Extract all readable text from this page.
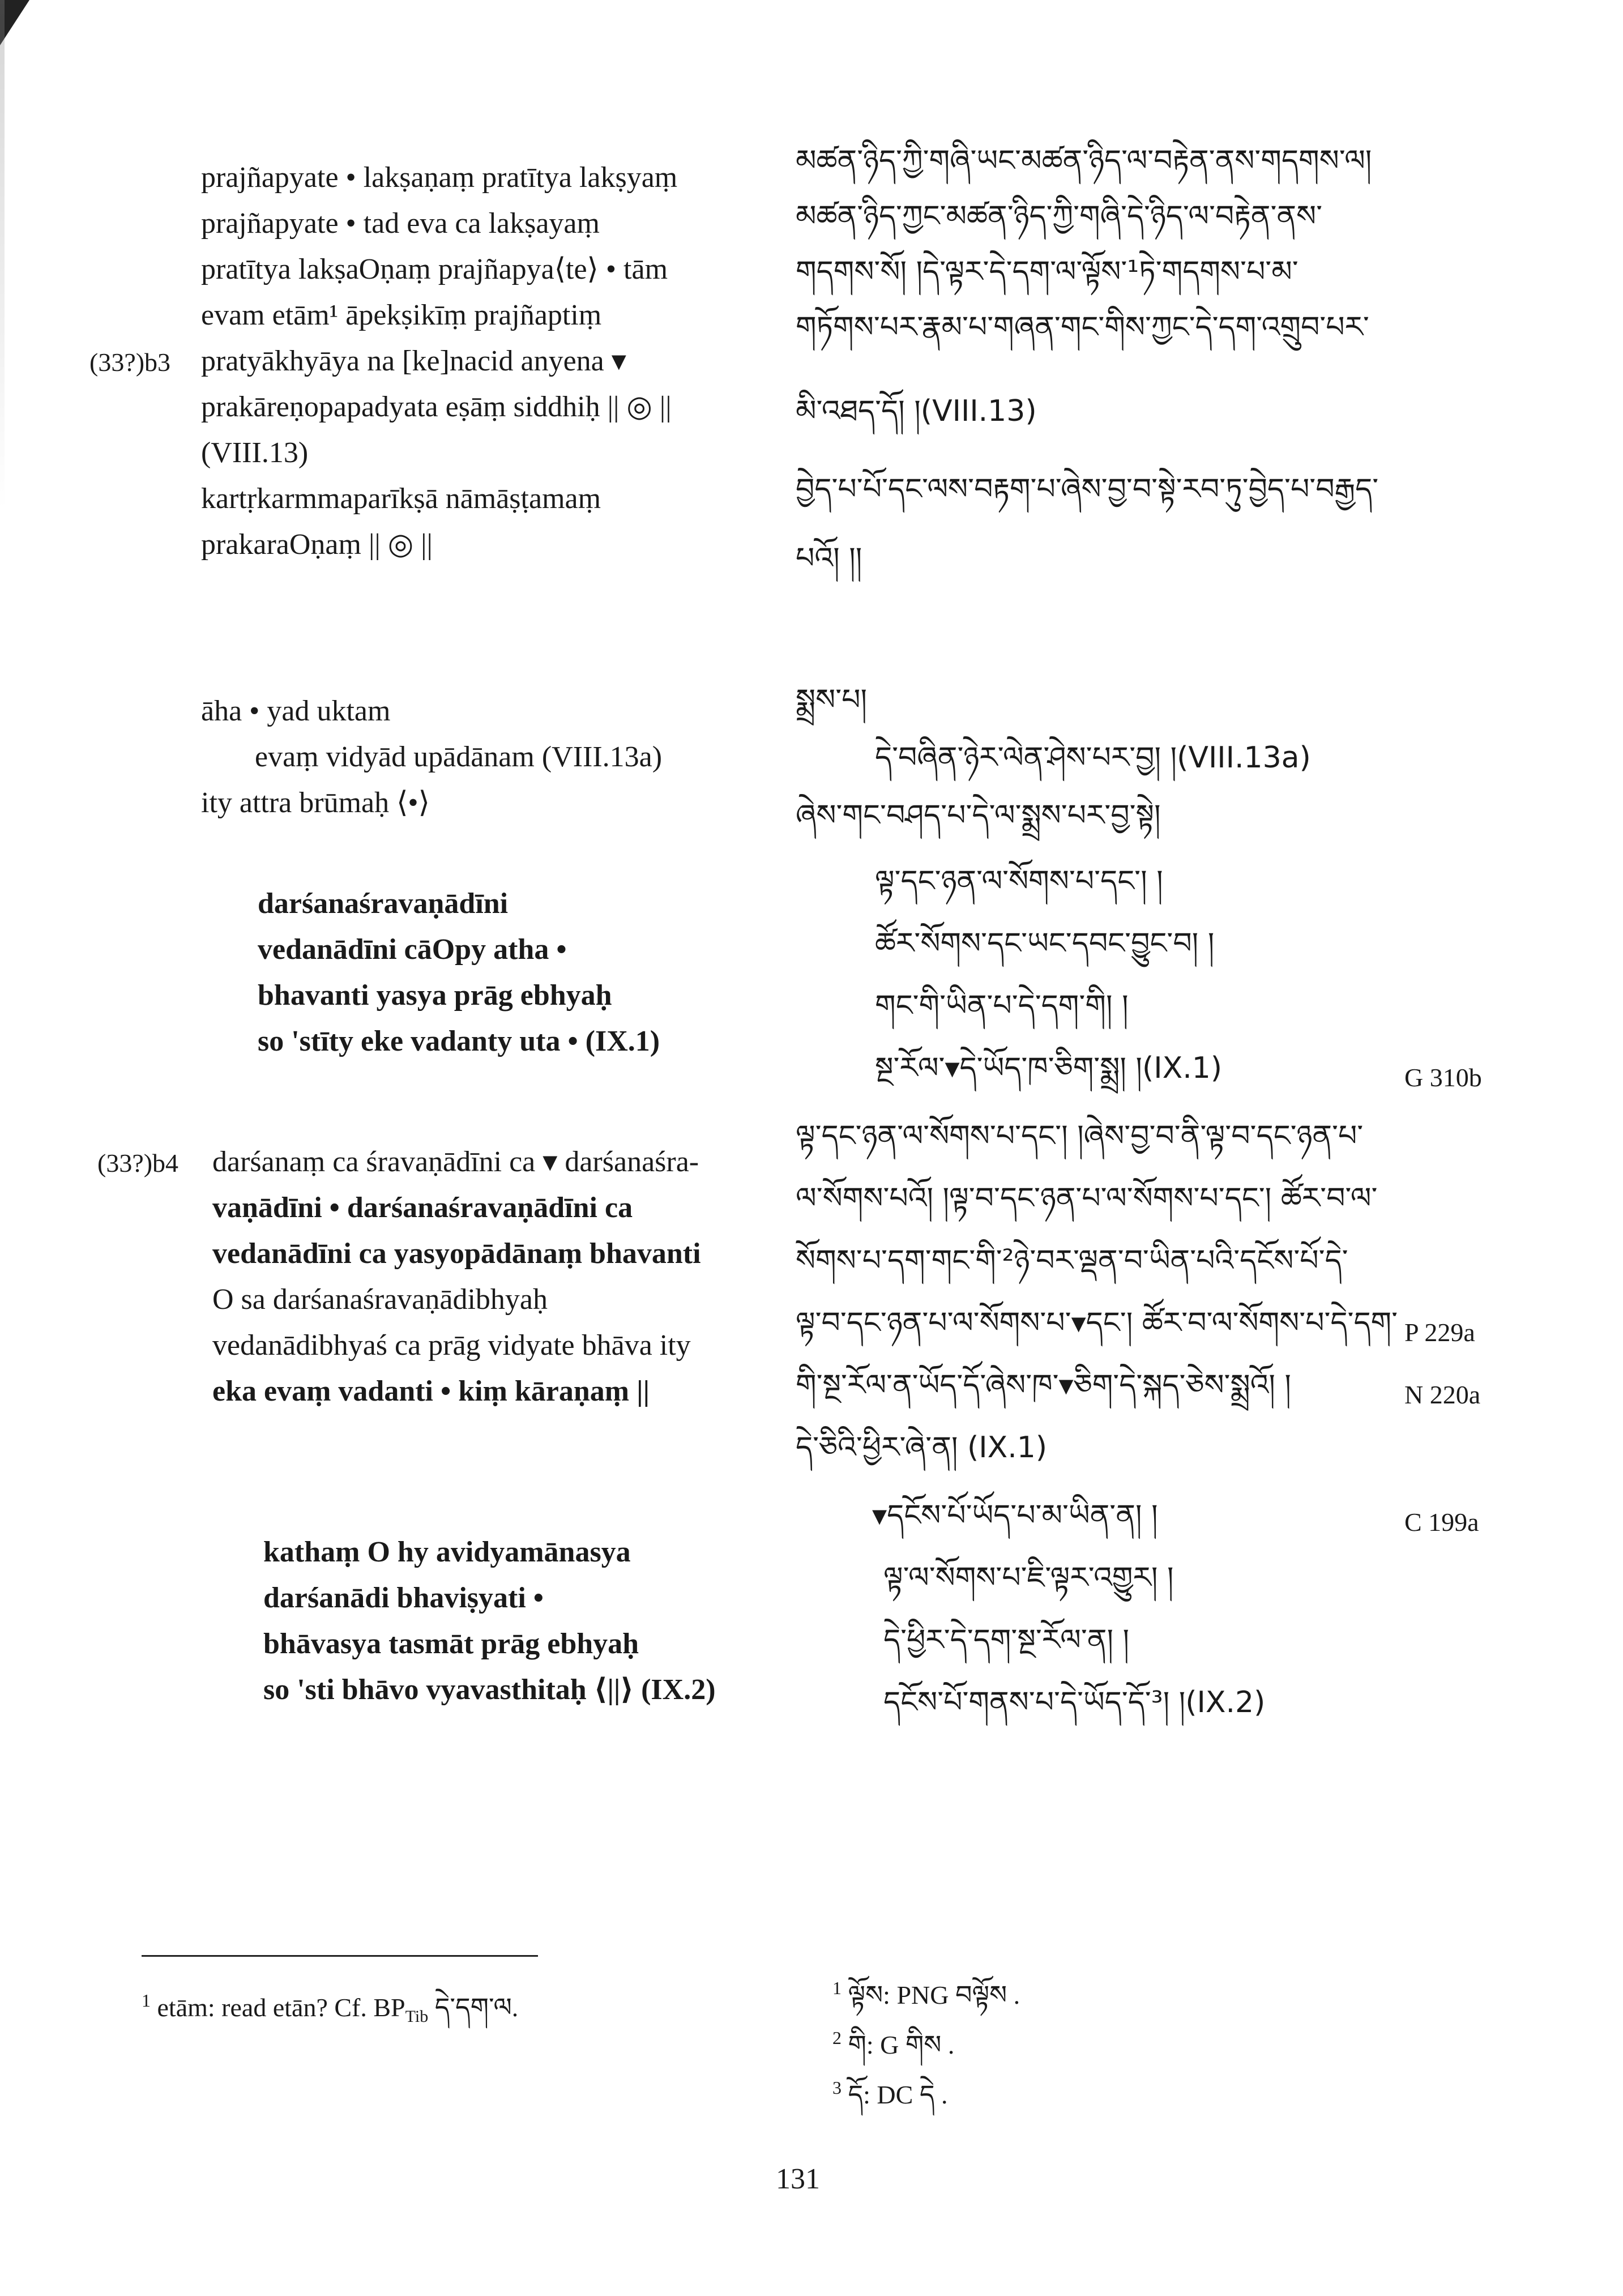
prajñapyate • lakṣaṇaṃ pratītya lakṣyaṃ
prajñapyate • tad eva ca lakṣayaṃ
pratītya lakṣaOṇaṃ prajñapya⟨te⟩ • tām
evam etām¹ āpekṣikīṃ prajñaptiṃ
pratyākhyāya na [ke]nacid anyena ▾
prakāreṇopapadyata eṣāṃ siddhiḥ || ◎ ||
(VIII.13)
kartṛkarmmaparīkṣā nāmāṣṭamaṃ
prakaraOṇaṃ || ◎ ||
(33?)b3
āha • yad uktam
evaṃ vidyād upādānam (VIII.13a)
ity attra brūmaḥ ⟨•⟩
darśanaśravaṇādīni
vedanādīni cāOpy atha •
bhavanti yasya prāg ebhyaḥ
so 'stīty eke vadanty uta • (IX.1)
darśanaṃ ca śravaṇādīni ca ▾ darśanaśra-
vaṇādīni • darśanaśravaṇādīni ca
vedanādīni ca yasyopādānaṃ bhavanti
O sa darśanaśravaṇādibhyaḥ
vedanādibhyaś ca prāg vidyate bhāva ity
eka evaṃ vadanti • kiṃ kāraṇaṃ ||
(33?)b4
kathaṃ O hy avidyamānasya
darśanādi bhaviṣyati •
bhāvasya tasmāt prāg ebhyaḥ
so 'sti bhāvo vyavasthitaḥ ⟨||⟩ (IX.2)
མཚན་ཉིད་ཀྱི་གཞི་ཡང་མཚན་ཉིད་ལ་བརྟེན་ནས་གདགས་ལ།
མཚན་ཉིད་ཀྱང་མཚན་ཉིད་ཀྱི་གཞི་དེ་ཉིད་ལ་བརྟེན་ནས་
གདགས་སོ། །དེ་ལྟར་དེ་དག་ལ་ལྟོས་¹ཏེ་གདགས་པ་མ་
གཏོགས་པར་རྣམ་པ་གཞན་གང་གིས་ཀྱང་དེ་དག་འགྲུབ་པར་
མི་འཐད་དོ། །(VIII.13)
བྱེད་པ་པོ་དང་ལས་བརྟག་པ་ཞེས་བྱ་བ་སྟེ་རབ་ཏུ་བྱེད་པ་བརྒྱད་
པའོ། །།
སྨྲས་པ།
དེ་བཞིན་ཉེར་ལེན་ཤེས་པར་བྱ། །(VIII.13a)
ཞེས་གང་བཤད་པ་དེ་ལ་སྨྲས་པར་བྱ་སྟེ།
ལྟ་དང་ཉན་ལ་སོགས་པ་དང་། །
ཚོར་སོགས་དང་ཡང་དབང་བྱུང་བ། །
གང་གི་ཡིན་པ་དེ་དག་གི། །
སྔ་རོལ་▾དེ་ཡོད་ཁ་ཅིག་སྨྲ། །(IX.1)	G 310b
ལྟ་དང་ཉན་ལ་སོགས་པ་དང་། །ཞེས་བྱ་བ་ནི་ལྟ་བ་དང་ཉན་པ་
ལ་སོགས་པའོ། །ལྟ་བ་དང་ཉན་པ་ལ་སོགས་པ་དང་། ཚོར་བ་ལ་
སོགས་པ་དག་གང་གི་²ཉེ་བར་ལྡན་བ་ཡིན་པའི་དངོས་པོ་དེ་
ལྟ་བ་དང་ཉན་པ་ལ་སོགས་པ་▾དང་། ཚོར་བ་ལ་སོགས་པ་དེ་དག་
གི་སྔ་རོལ་ན་ཡོད་དོ་ཞེས་ཁ་▾ཅིག་དེ་སྐད་ཅེས་སྨྲའོ། །
དེ་ཅིའི་ཕྱིར་ཞེ་ན། (IX.1)
P 229a
N 220a
▾དངོས་པོ་ཡོད་པ་མ་ཡིན་ན། །
ལྟ་ལ་སོགས་པ་ཇི་ལྟར་འགྱུར། །
དེ་ཕྱིར་དེ་དག་སྔ་རོལ་ན། །
དངོས་པོ་གནས་པ་དེ་ཡོད་དོ་³། །(IX.2)
C 199a
$^1$ etām: read etān? Cf. $BP_{Tib}$ དེ་དག་ལ.
$^1$ ལྟོས: PNG བལྟོས .
$^2$ གི: G གིས .
$^3$ དོ: DC དེ .
131
